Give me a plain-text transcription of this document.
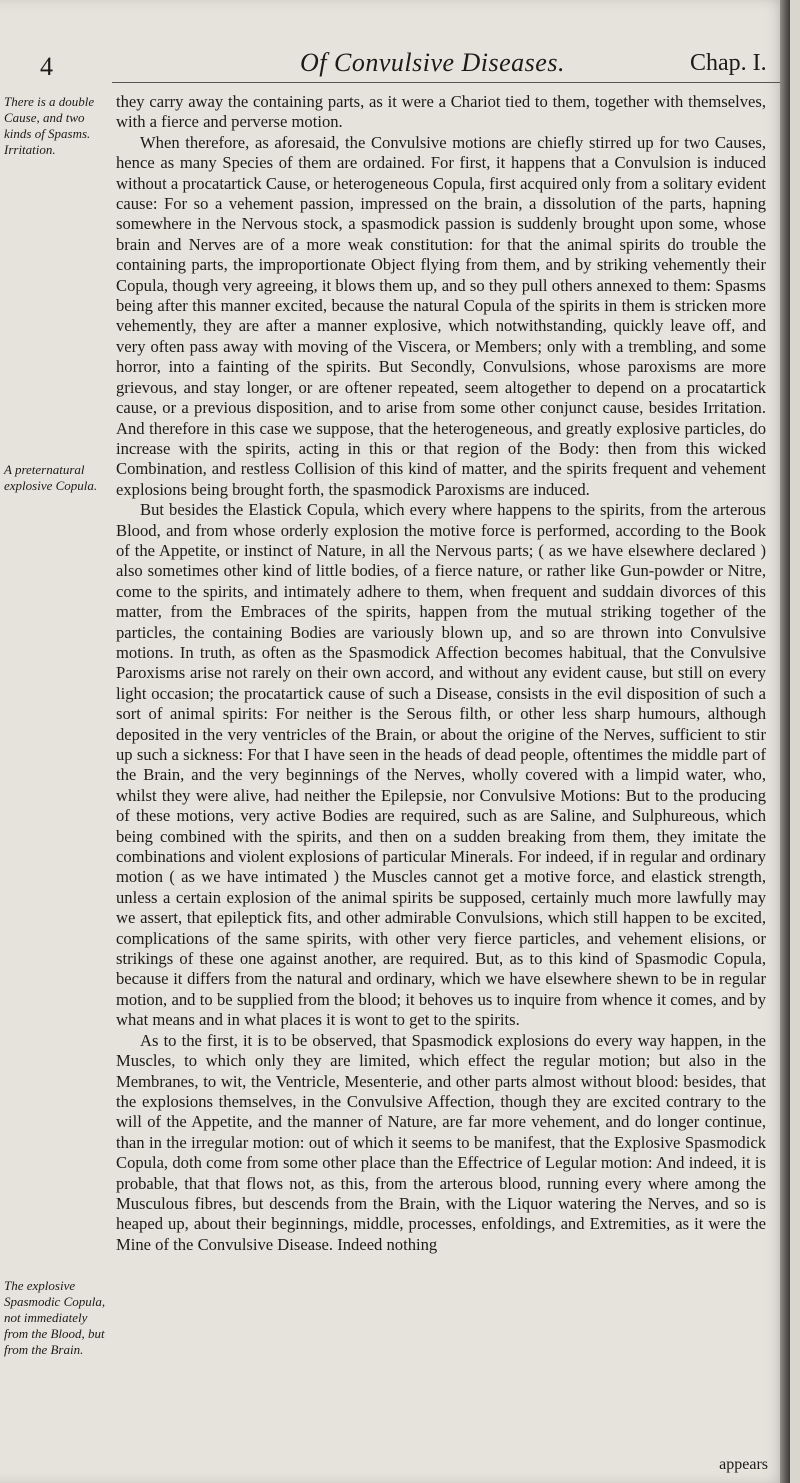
4	Of Convulsive Diseases.	Chap. I.
There is a double Cause, and two kinds of Spasms. Irritation.
A preternatural explosive Copula.
The explosive Spasmodic Copula, not immediately from the Blood, but from the Brain.

they carry away the containing parts, as it were a Chariot tied to them, together with themselves, with a fierce and perverse motion.

When therefore, as aforesaid, the Convulsive motions are chiefly stirred up for two Causes, hence as many Species of them are ordained. For first, it happens that a Convulsion is induced without a procatartick Cause, or heterogeneous Copula, first acquired only from a solitary evident cause: For so a vehement passion, impressed on the brain, a dissolution of the parts, hapning somewhere in the Nervous stock, a spasmodick passion is suddenly brought upon some, whose brain and Nerves are of a more weak constitution: for that the animal spirits do trouble the containing parts, the improportionate Object flying from them, and by striking vehemently their Copula, though very agreeing, it blows them up, and so they pull others annexed to them: Spasms being after this manner excited, because the natural Copula of the spirits in them is stricken more vehemently, they are after a manner explosive, which notwithstanding, quickly leave off, and very often pass away with moving of the Viscera, or Members; only with a trembling, and some horror, into a fainting of the spirits. But Secondly, Convulsions, whose paroxisms are more grievous, and stay longer, or are oftener repeated, seem altogether to depend on a procatartick cause, or a previous disposition, and to arise from some other conjunct cause, besides Irritation. And therefore in this case we suppose, that the heterogeneous, and greatly explosive particles, do increase with the spirits, acting in this or that region of the Body: then from this wicked Combination, and restless Collision of this kind of matter, and the spirits frequent and vehement explosions being brought forth, the spasmodick Paroxisms are induced.

But besides the Elastick Copula, which every where happens to the spirits, from the arterous Blood, and from whose orderly explosion the motive force is performed, according to the Book of the Appetite, or instinct of Nature, in all the Nervous parts; ( as we have elsewhere declared ) also sometimes other kind of little bodies, of a fierce nature, or rather like Gun-powder or Nitre, come to the spirits, and intimately adhere to them, when frequent and suddain divorces of this matter, from the Embraces of the spirits, happen from the mutual striking together of the particles, the containing Bodies are variously blown up, and so are thrown into Convulsive motions. In truth, as often as the Spasmodick Affection becomes habitual, that the Convulsive Paroxisms arise not rarely on their own accord, and without any evident cause, but still on every light occasion; the procatartick cause of such a Disease, consists in the evil disposition of such a sort of animal spirits: For neither is the Serous filth, or other less sharp humours, although deposited in the very ventricles of the Brain, or about the origine of the Nerves, sufficient to stir up such a sickness: For that I have seen in the heads of dead people, oftentimes the middle part of the Brain, and the very beginnings of the Nerves, wholly covered with a limpid water, who, whilst they were alive, had neither the Epilepsie, nor Convulsive Motions: But to the producing of these motions, very active Bodies are required, such as are Saline, and Sulphureous, which being combined with the spirits, and then on a sudden breaking from them, they imitate the combinations and violent explosions of particular Minerals. For indeed, if in regular and ordinary motion ( as we have intimated ) the Muscles cannot get a motive force, and elastick strength, unless a certain explosion of the animal spirits be supposed, certainly much more lawfully may we assert, that epileptick fits, and other admirable Convulsions, which still happen to be excited, complications of the same spirits, with other very fierce particles, and vehement elisions, or strikings of these one against another, are required. But, as to this kind of Spasmodic Copula, because it differs from the natural and ordinary, which we have elsewhere shewn to be in regular motion, and to be supplied from the blood; it behoves us to inquire from whence it comes, and by what means and in what places it is wont to get to the spirits.

As to the first, it is to be observed, that Spasmodick explosions do every way happen, in the Muscles, to which only they are limited, which effect the regular motion; but also in the Membranes, to wit, the Ventricle, Mesenterie, and other parts almost without blood: besides, that the explosions themselves, in the Convulsive Affection, though they are excited contrary to the will of the Appetite, and the manner of Nature, are far more vehement, and do longer continue, than in the irregular motion: out of which it seems to be manifest, that the Explosive Spasmodick Copula, doth come from some other place than the Effectrice of Legular motion: And indeed, it is probable, that that flows not, as this, from the arterous blood, running every where among the Musculous fibres, but descends from the Brain, with the Liquor watering the Nerves, and so is heaped up, about their beginnings, middle, processes, enfoldings, and Extremities, as it were the Mine of the Convulsive Disease. Indeed nothing

appears
